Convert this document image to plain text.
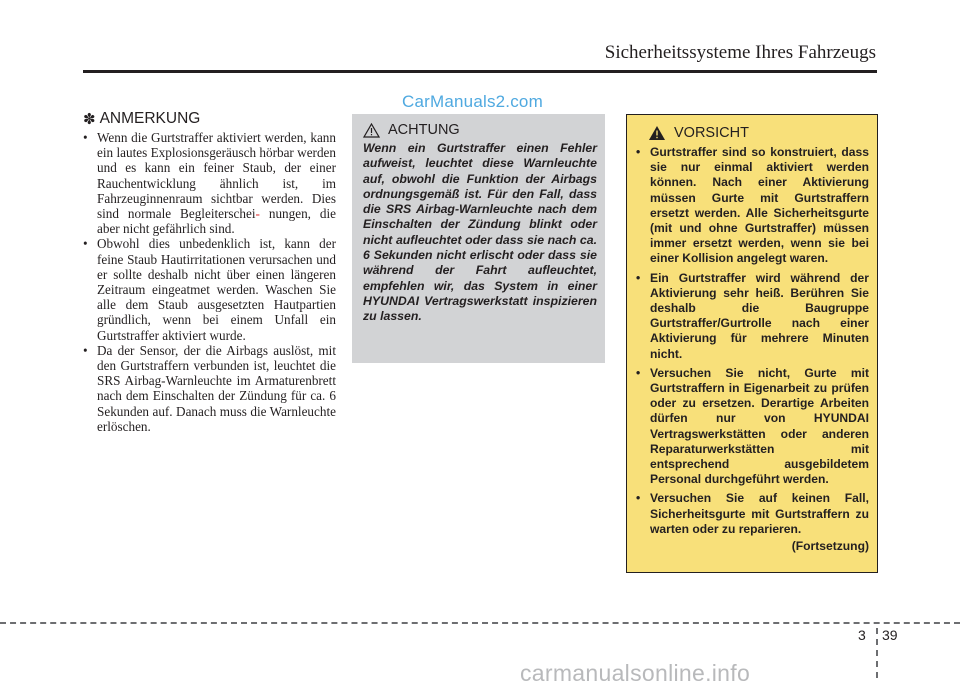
Sicherheitssysteme Ihres Fahrzeugs
CarManuals2.com
✽ ANMERKUNG
• Wenn die Gurtstraffer aktiviert werden, kann ein lautes Explosionsgeräusch hörbar werden und es kann ein feiner Staub, der einer Rauchentwicklung ähnlich ist, im Fahrzeuginnenraum sichtbar werden. Dies sind normale Begleiterschei- nungen, die aber nicht gefährlich sind.
• Obwohl dies unbedenklich ist, kann der feine Staub Hautirritationen verursachen und er sollte deshalb nicht über einen längeren Zeitraum eingeatmet werden. Waschen Sie alle dem Staub ausgesetzten Hautpartien gründlich, wenn bei einem Unfall ein Gurtstraffer aktiviert wurde.
• Da der Sensor, der die Airbags auslöst, mit den Gurtstraffern verbunden ist, leuchtet die SRS Airbag-Warnleuchte im Armaturenbrett nach dem Einschalten der Zündung für ca. 6 Sekunden auf. Danach muss die Warnleuchte erlöschen.
ACHTUNG

Wenn ein Gurtstraffer einen Fehler aufweist, leuchtet diese Warnleuchte auf, obwohl die Funktion der Airbags ordnungsgemäß ist. Für den Fall, dass die SRS Airbag-Warnleuchte nach dem Einschalten der Zündung blinkt oder nicht aufleuchtet oder dass sie nach ca. 6 Sekunden nicht erlischt oder dass sie während der Fahrt aufleuchtet, empfehlen wir, das System in einer HYUNDAI Vertragswerkstatt inspizieren zu lassen.

VORSICHT
• Gurtstraffer sind so konstruiert, dass sie nur einmal aktiviert werden können. Nach einer Aktivierung müssen Gurte mit Gurtstraffern ersetzt werden. Alle Sicherheitsgurte (mit und ohne Gurtstraffer) müssen immer ersetzt werden, wenn sie bei einer Kollision angelegt waren.
• Ein Gurtstraffer wird während der Aktivierung sehr heiß. Berühren Sie deshalb die Baugruppe Gurtstraffer/Gurtrolle nach einer Aktivierung für mehrere Minuten nicht.
• Versuchen Sie nicht, Gurte mit Gurtstraffern in Eigenarbeit zu prüfen oder zu ersetzen. Derartige Arbeiten dürfen nur von HYUNDAI Vertragswerkstätten oder anderen Reparaturwerkstätten mit entsprechend ausgebildetem Personal durchgeführt werden.
• Versuchen Sie auf keinen Fall, Sicherheitsgurte mit Gurtstraffern zu warten oder zu reparieren.
(Fortsetzung)
3 39
carmanualsonline.info
